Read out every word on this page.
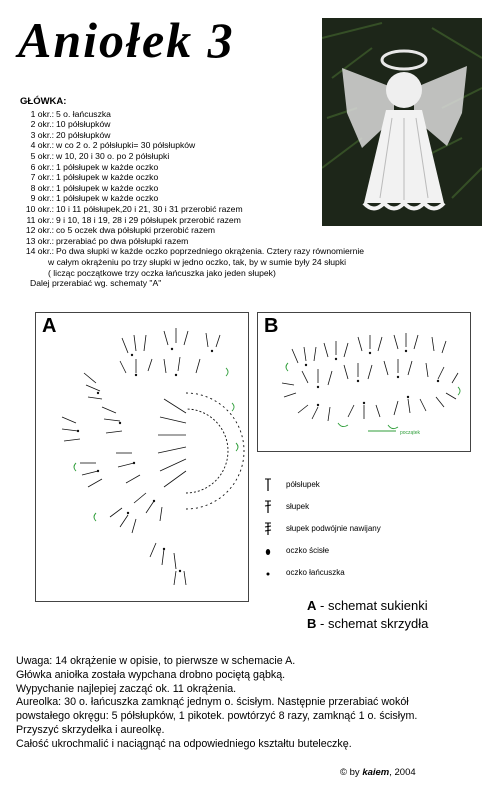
Aniołek 3
GŁÓWKA:
1 okr.: 5 o. łańcuszka
2 okr.: 10 półsłupków
3 okr.: 20 półsłupków
4 okr.: w co 2 o. 2 półsłupki= 30 półsłupków
5 okr.: w 10, 20 i 30 o. po 2 półsłupki
6 okr.: 1 półsłupek w każde oczko
7 okr.: 1 półsłupek w każde oczko
8 okr.: 1 półsłupek w każde oczko
9 okr.: 1 półsłupek w każde oczko
10 okr.: 10 i 11 półsłupek,20 i 21, 30 i 31 przerobić razem
11 okr.: 9 i 10, 18 i 19, 28 i 29 półsłupek przerobić razem
12 okr.: co 5 oczek dwa półsłupki przerobić razem
13 okr.: przerabiać po dwa półsłupki razem
14 okr.: Po dwa słupki w każde oczko poprzedniego okrążenia. Cztery razy równomiernie
w całym okrążeniu po trzy słupki w jedno oczko, tak, by w sumie były 24 słupki
( licząc początkowe trzy oczka łańcuszka jako jeden słupek)
Dalej przerabiać wg. schematy "A"
A	B
początek
półsłupek
słupek
słupek podwójnie nawijany
oczko ścisłe
oczko łańcuszka
A - schemat sukienki
B - schemat skrzydła
Uwaga: 14 okrążenie w opisie, to pierwsze w schemacie A.
Główka aniołka została wypchana drobno pociętą gąbką.
Wypychanie najlepiej zacząć ok. 11 okrążenia.
Aureolka: 30 o. łańcuszka zamknąć jednym o. ścisłym. Następnie przerabiać wokół
powstałego okręgu: 5 półsłupków, 1 pikotek. powtórzyć 8 razy, zamknąć 1 o. ścisłym.
Przyszyć skrzydełka i aureolkę.
Całość ukrochmalić i naciągnąć na odpowiedniego kształtu buteleczkę.
© by kaiem, 2004
